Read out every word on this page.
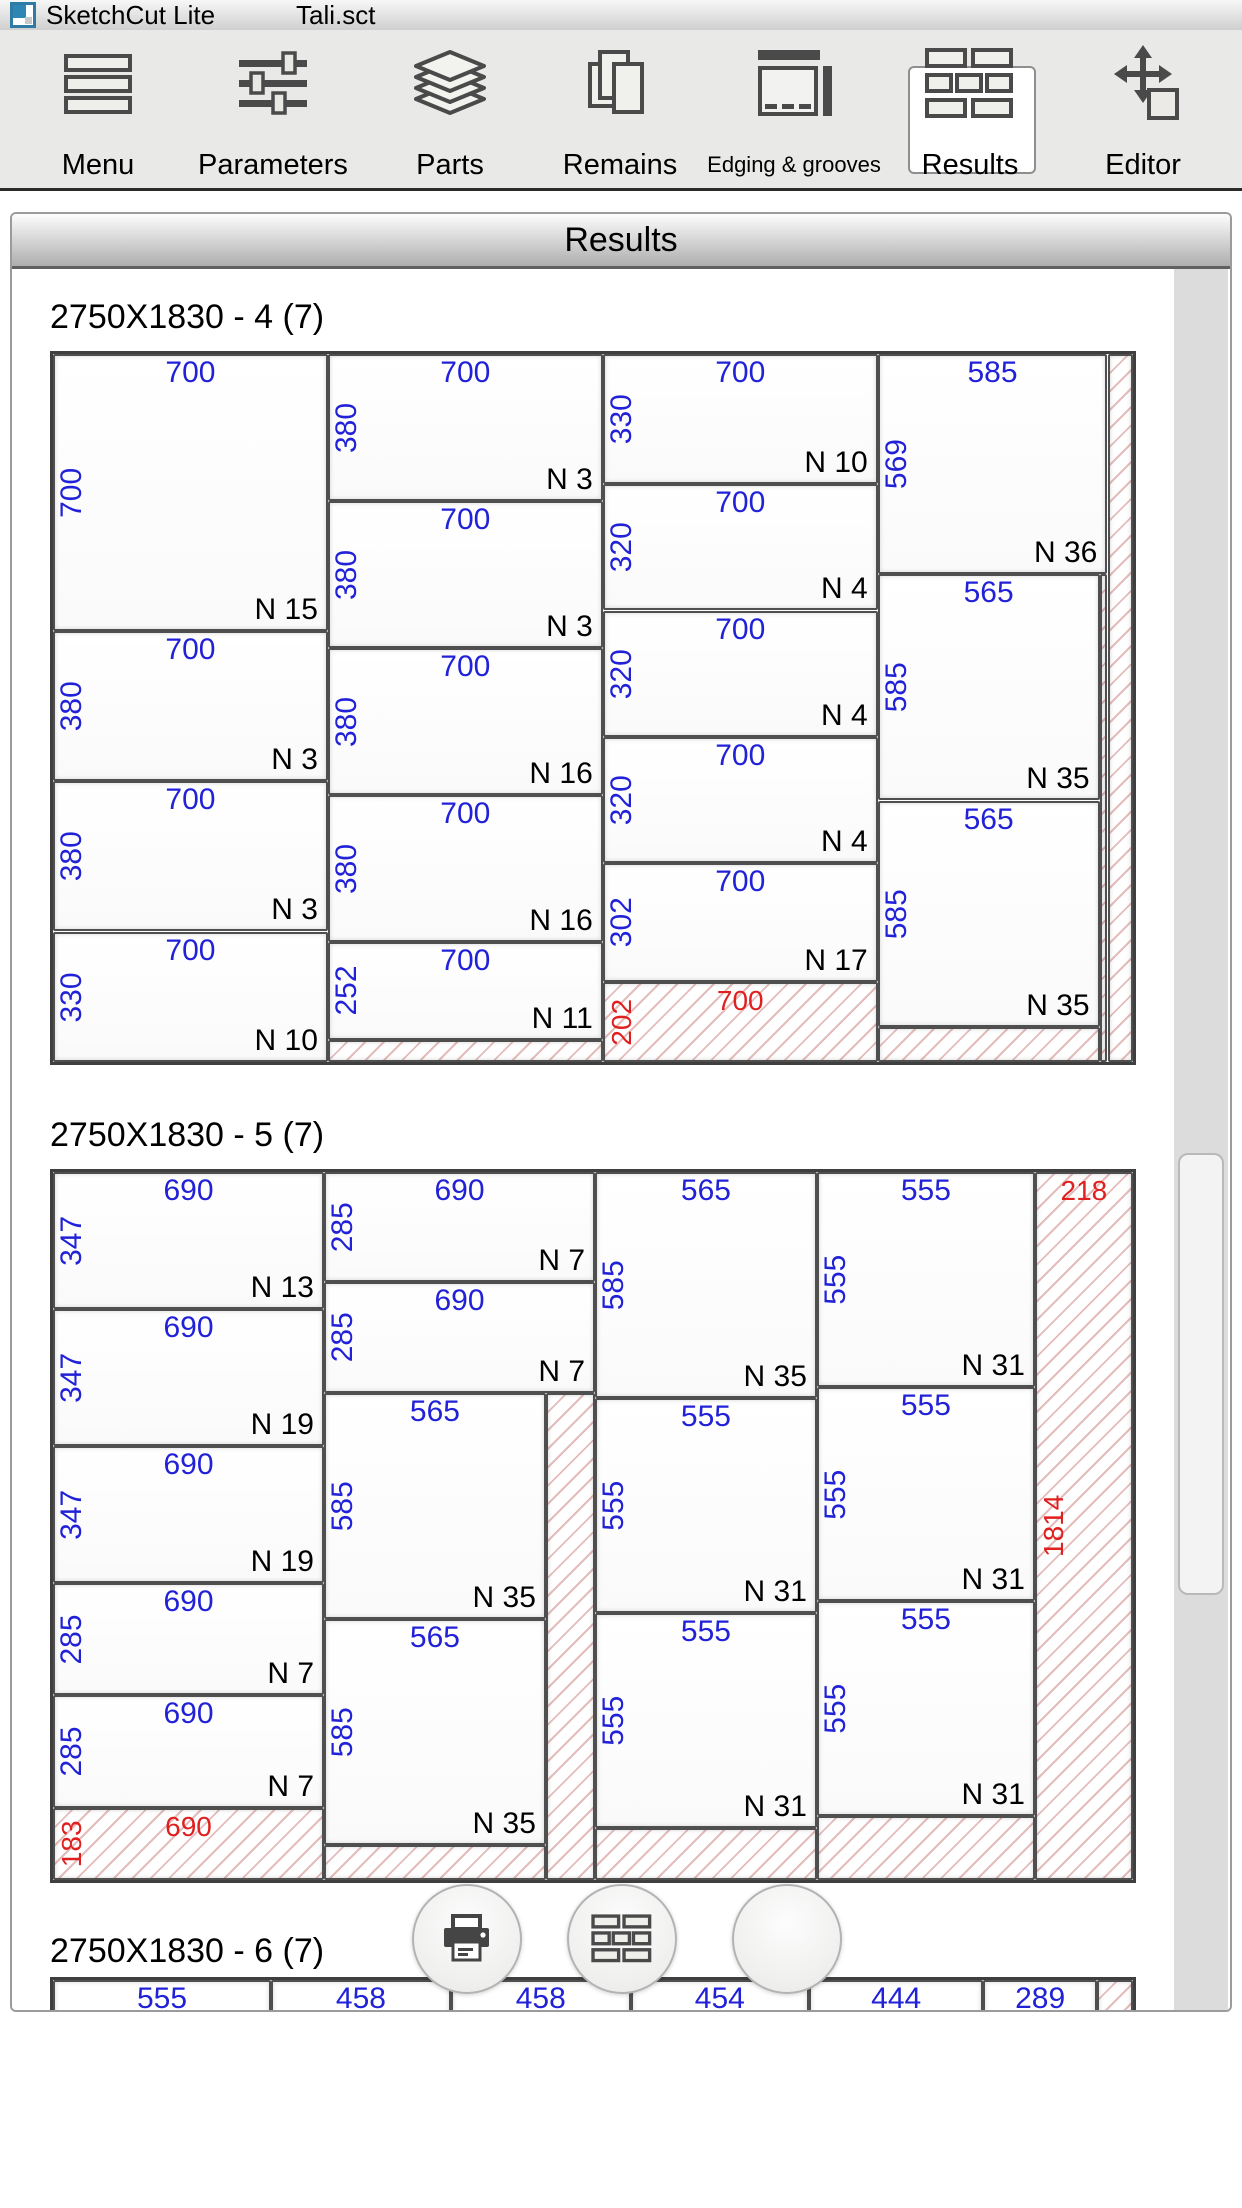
SketchCut Lite	Tali.sct
Menu Parameters Parts	Remains Edging & grooves Results	Editor
Results
2750X1830 - 4 (7)
700
700
N 15
700
380
N 3
700
380
N 3
700
330
N 10
700
380
N 3
700
380
N 3
700
380
N 16
700
380
N 16
700
252
N 11
700
330
N 10
700
320
N 4
700
320
N 4
700
320
N 4
700
302
N 17
700
202
585
569
N 36
565
585
N 35
565
585
N 35
2750X1830 - 5 (7)
690
347
N 13
690
347
N 19
690
347
N 19
690
285
N 7
690
285
N 7
690
183
690
285
N 7
690
285
N 7
565
585
N 35
565
585
N 35
565
585
N 35
555
555
N 31
555
555
N 31
555
555
N 31
555
555
N 31
555
555
N 31
218
1814
2750X1830 - 6 (7)
555	458	458	454	444	289
